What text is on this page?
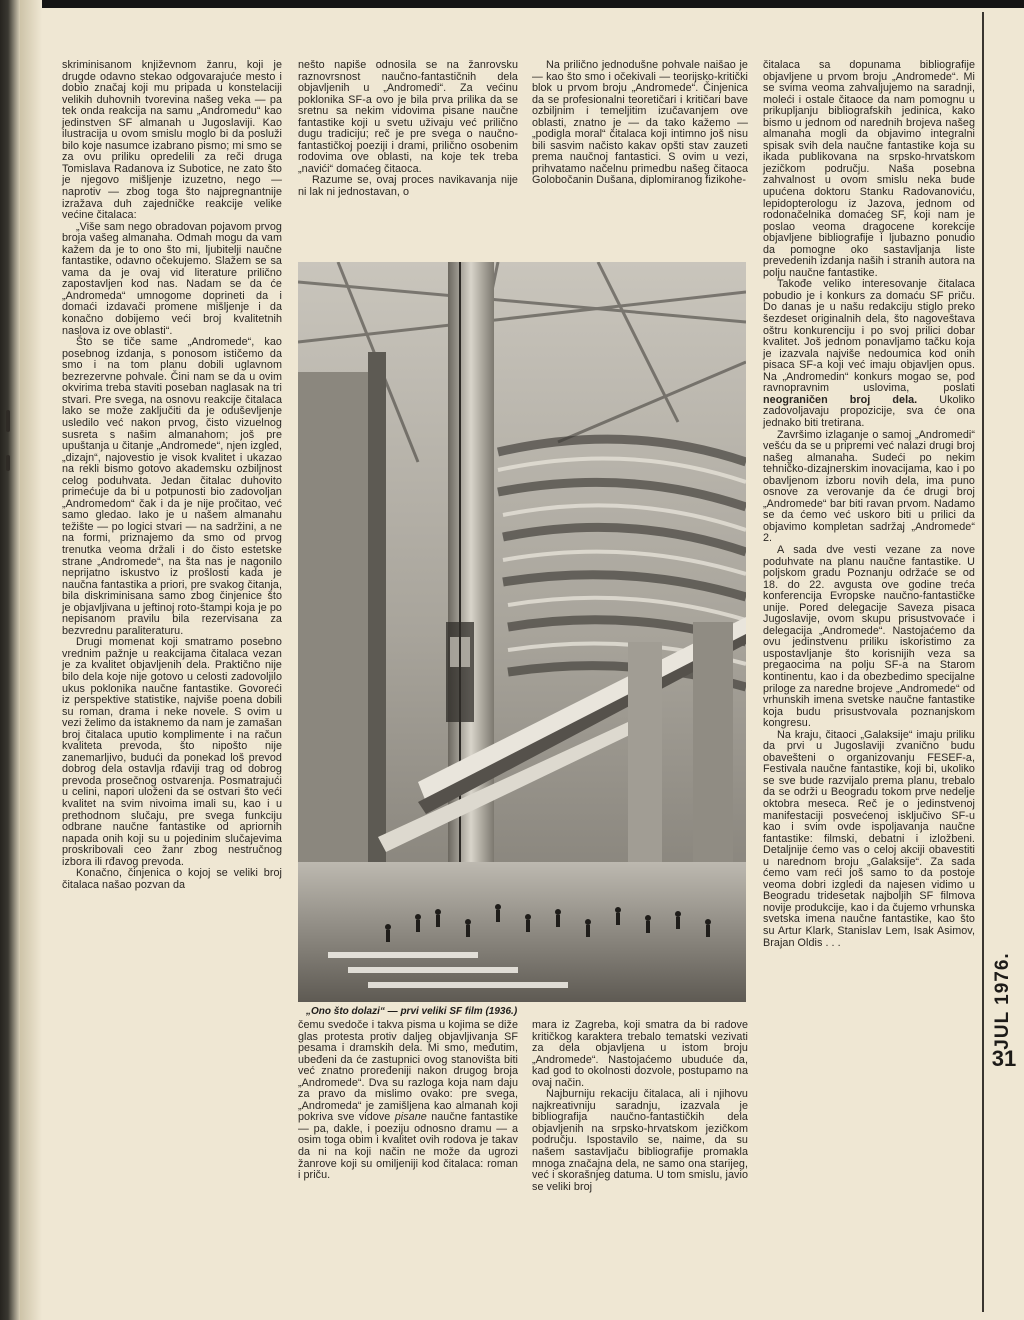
skriminisanom književnom žanru, koji je drugde odavno stekao odgovarajuće mesto i dobio značaj koji mu pripada u konstelaciji velikih duhovnih tvorevina našeg veka — pa tek onda reakcija na samu „Andromedu“ kao jedinstven SF almanah u Jugoslaviji. Kao ilustracija u ovom smislu moglo bi da posluži bilo koje nasumce izabrano pismo; mi smo se za ovu priliku opredelili za reči druga Tomislava Radanova iz Subotice, ne zato što je njegovo mišljenje izuzetno, nego — naprotiv — zbog toga što najpregnantnije izražava duh zajedničke reakcije velike većine čitalaca:

„Više sam nego obradovan pojavom prvog broja vašeg almanaha. Odmah mogu da vam kažem da je to ono što mi, ljubitelji naučne fantastike, odavno očekujemo. Slažem se sa vama da je ovaj vid literature prilično zapostavljen kod nas. Nadam se da će „Andromeda“ umnogome doprineti da i domaći izdavači promene mišljenje i da konačno dobijemo veći broj kvalitetnih naslova iz ove oblasti“.

Što se tiče same „Andromede“, kao posebnog izdanja, s ponosom ističemo da smo i na tom planu dobili uglavnom bezrezervne pohvale. Čini nam se da u ovim okvirima treba staviti poseban naglasak na tri stvari. Pre svega, na osnovu reakcije čitalaca lako se može zaključiti da je oduševljenje usledilo već nakon prvog, čisto vizuelnog susreta s našim almanahom; još pre upuštanja u čitanje „Andromede“, njen izgled, „dizajn“, najovestio je visok kvalitet i ukazao na rekli bismo gotovo akademsku ozbiljnost celog poduhvata. Jedan čitalac duhovito primećuje da bi u potpunosti bio zadovoljan „Andromedom“ čak i da je nije pročitao, već samo gledao. Iako je u našem almanahu težište — po logici stvari — na sadržini, a ne na formi, priznajemo da smo od prvog trenutka veoma držali i do čisto estetske strane „Andromede“, na šta nas je nagonilo neprijatno iskustvo iz prošlosti kada je naučna fantastika a priori, pre svakog čitanja, bila diskriminisana samo zbog činjenice što je objavljivana u jeftinoj roto-štampi koja je po nepisanom pravilu bila rezervisana za bezvrednu paraliteraturu.

Drugi momenat koji smatramo posebno vrednim pažnje u reakcijama čitalaca vezan je za kvalitet objavljenih dela. Praktično nije bilo dela koje nije gotovo u celosti zadovoljilo ukus poklonika naučne fantastike. Govoreći iz perspektive statistike, najviše poena dobili su roman, drama i neke novele. S ovim u vezi želimo da istaknemo da nam je zamašan broj čitalaca uputio komplimente i na račun kvaliteta prevoda, što nipošto nije zanemarljivo, budući da ponekad loš prevod dobrog dela ostavlja rđaviji trag od dobrog prevoda prosečnog ostvarenja. Posmatrajući u celini, napori uloženi da se ostvari što veći kvalitet na svim nivoima imali su, kao i u prethodnom slučaju, pre svega funkciju odbrane naučne fantastike od apriornih napada onih koji su u pojedinim slučajevima proskribovali ceo žanr zbog nestručnog izbora ili rđavog prevoda.

Konačno, činjenica o kojoj se veliki broj čitalaca našao pozvan da

nešto napiše odnosila se na žanrovsku raznovrsnost naučno-fantastičnih dela objavljenih u „Andromedi“. Za većinu poklonika SF-a ovo je bila prva prilika da se sretnu sa nekim vidovima pisane naučne fantastike koji u svetu uživaju već prilično dugu tradiciju; reč je pre svega o naučno-fantastičkoj poeziji i drami, prilično osobenim rodovima ove oblasti, na koje tek treba „navići“ domaćeg čitaoca.

Razume se, ovaj proces navikavanja nije ni lak ni jednostavan, o

Na prilično jednodušne pohvale naišao je — kao što smo i očekivali — teorijsko-kritički blok u prvom broju „Andromede“. Činjenica da se profesionalni teoretičari i kritičari bave ozbiljnim i temeljitim izučavanjem ove oblasti, znatno je — da tako kažemo — „podigla moral“ čitalaca koji intimno još nisu bili sasvim načisto kakav opšti stav zauzeti prema naučnoj fantastici. S ovim u vezi, prihvatamo načelnu primedbu našeg čitaoca Golobočanin Dušana, diplomiranog fizikohe-

čitalaca sa dopunama bibliografije objavljene u prvom broju „Andromede“. Mi se svima veoma zahvaljujemo na saradnji, moleći i ostale čitaoce da nam pomognu u prikupljanju bibliografskih jedinica, kako bismo u jednom od narednih brojeva našeg almanaha mogli da objavimo integralni spisak svih dela naučne fantastike koja su ikada publikovana na srpsko-hrvatskom jezičkom području. Naša posebna zahvalnost u ovom smislu neka bude upućena doktoru Stanku Radovanoviću, lepidopterologu iz Jazova, jednom od rodonačelnika domaćeg SF, koji nam je poslao veoma dragocene korekcije objavljene bibliografije i ljubazno ponudio da pomogne oko sastavljanja liste prevedenih izdanja naših i stranih autora na polju naučne fantastike.

Takođe veliko interesovanje čitalaca pobudio je i konkurs za domaću SF priču. Do danas je u našu redakciju stiglo preko šezdeset originalnih dela, što nagoveštava oštru konkurenciju i po svoj prilici dobar kvalitet. Još jednom ponavljamo tačku koja je izazvala najviše nedoumica kod onih pisaca SF-a koji već imaju objavljen opus. Na „Andromedin“ konkurs mogao se, pod ravnopravnim uslovima, poslati neograničen broj dela. Ukoliko zadovoljavaju propozicije, sva će ona jednako biti tretirana.

Završimo izlaganje o samoj „Andromedi“ vešću da se u pripremi već nalazi drugi broj našeg almanaha. Sudeći po nekim tehničko-dizajnerskim inovacijama, kao i po obavljenom izboru novih dela, ima puno osnove za verovanje da će drugi broj „Andromede“ bar biti ravan prvom. Nadamo se da ćemo već uskoro biti u prilici da objavimo kompletan sadržaj „Andromede“ 2.

A sada dve vesti vezane za nove poduhvate na planu naučne fantastike. U poljskom gradu Poznanju održaće se od 18. do 22. avgusta ove godine treća konferencija Evropske naučno-fantastičke unije. Pored delegacije Saveza pisaca Jugoslavije, ovom skupu prisustvovaće i delegacija „Andromede“. Nastojaćemo da ovu jedinstvenu priliku iskoristimo za uspostavljanje što korisnijih veza sa pregaocima na polju SF-a na Starom kontinentu, kao i da obezbedimo specijalne priloge za naredne brojeve „Andromede“ od vrhunskih imena svetske naučne fantastike koja budu prisustvovala poznanjskom kongresu.

Na kraju, čitaoci „Galaksije“ imaju priliku da prvi u Jugoslaviji zvanično budu obavešteni o organizovanju FESEF-a, Festivala naučne fantastike, koji bi, ukoliko se sve bude razvijalo prema planu, trebalo da se održi u Beogradu tokom prve nedelje oktobra meseca. Reč je o jedinstvenoj manifestaciji posvećenoj isključivo SF-u kao i svim ovde ispoljavanja naučne fantastike: filmski, debatni i izložbeni. Detaljnije ćemo vas o celoj akciji obavestiti u narednom broju „Galaksije“. Za sada ćemo vam reći još samo to da postoje veoma dobri izgledi da najesen vidimo u Beogradu tridesetak najboljih SF filmova novije produkcije, kao i da čujemo vrhunska svetska imena naučne fantastike, kao što su Artur Klark, Stanislav Lem, Isak Asimov, Brajan Oldis . . .

„Ono što dolazi“ — prvi veliki SF film (1936.)

čemu svedoče i takva pisma u kojima se diže glas protesta protiv daljeg objavljivanja SF pesama i dramskih dela. Mi smo, međutim, ubeđeni da će zastupnici ovog stanovišta biti već znatno proređeniji nakon drugog broja „Andromede“. Dva su razloga koja nam daju za pravo da mislimo ovako: pre svega, „Andromeda“ je zamišljena kao almanah koji pokriva sve vidove pisane naučne fantastike — pa, dakle, i poeziju odnosno dramu — a osim toga obim i kvalitet ovih rodova je takav da ni na koji način ne može da ugrozi žanrove koji su omiljeniji kod čitalaca: roman i priču.

mara iz Zagreba, koji smatra da bi radove kritičkog karaktera trebalo tematski vezivati za dela objavljena u istom broju „Andromede“. Nastojaćemo ubuduće da, kad god to okolnosti dozvole, postupamo na ovaj način.

Najburniju rekaciju čitalaca, ali i njihovu najkreativniju saradnju, izazvala je bibliografija naučno-fantastičkih dela objavljenih na srpsko-hrvatskom jezičkom području. Ispostavilo se, naime, da su našem sastavljaču bibliografije promakla mnoga značajna dela, ne samo ona starijeg, već i skorašnjeg datuma. U tom smislu, javio se veliki broj

JUL 1976.
31
